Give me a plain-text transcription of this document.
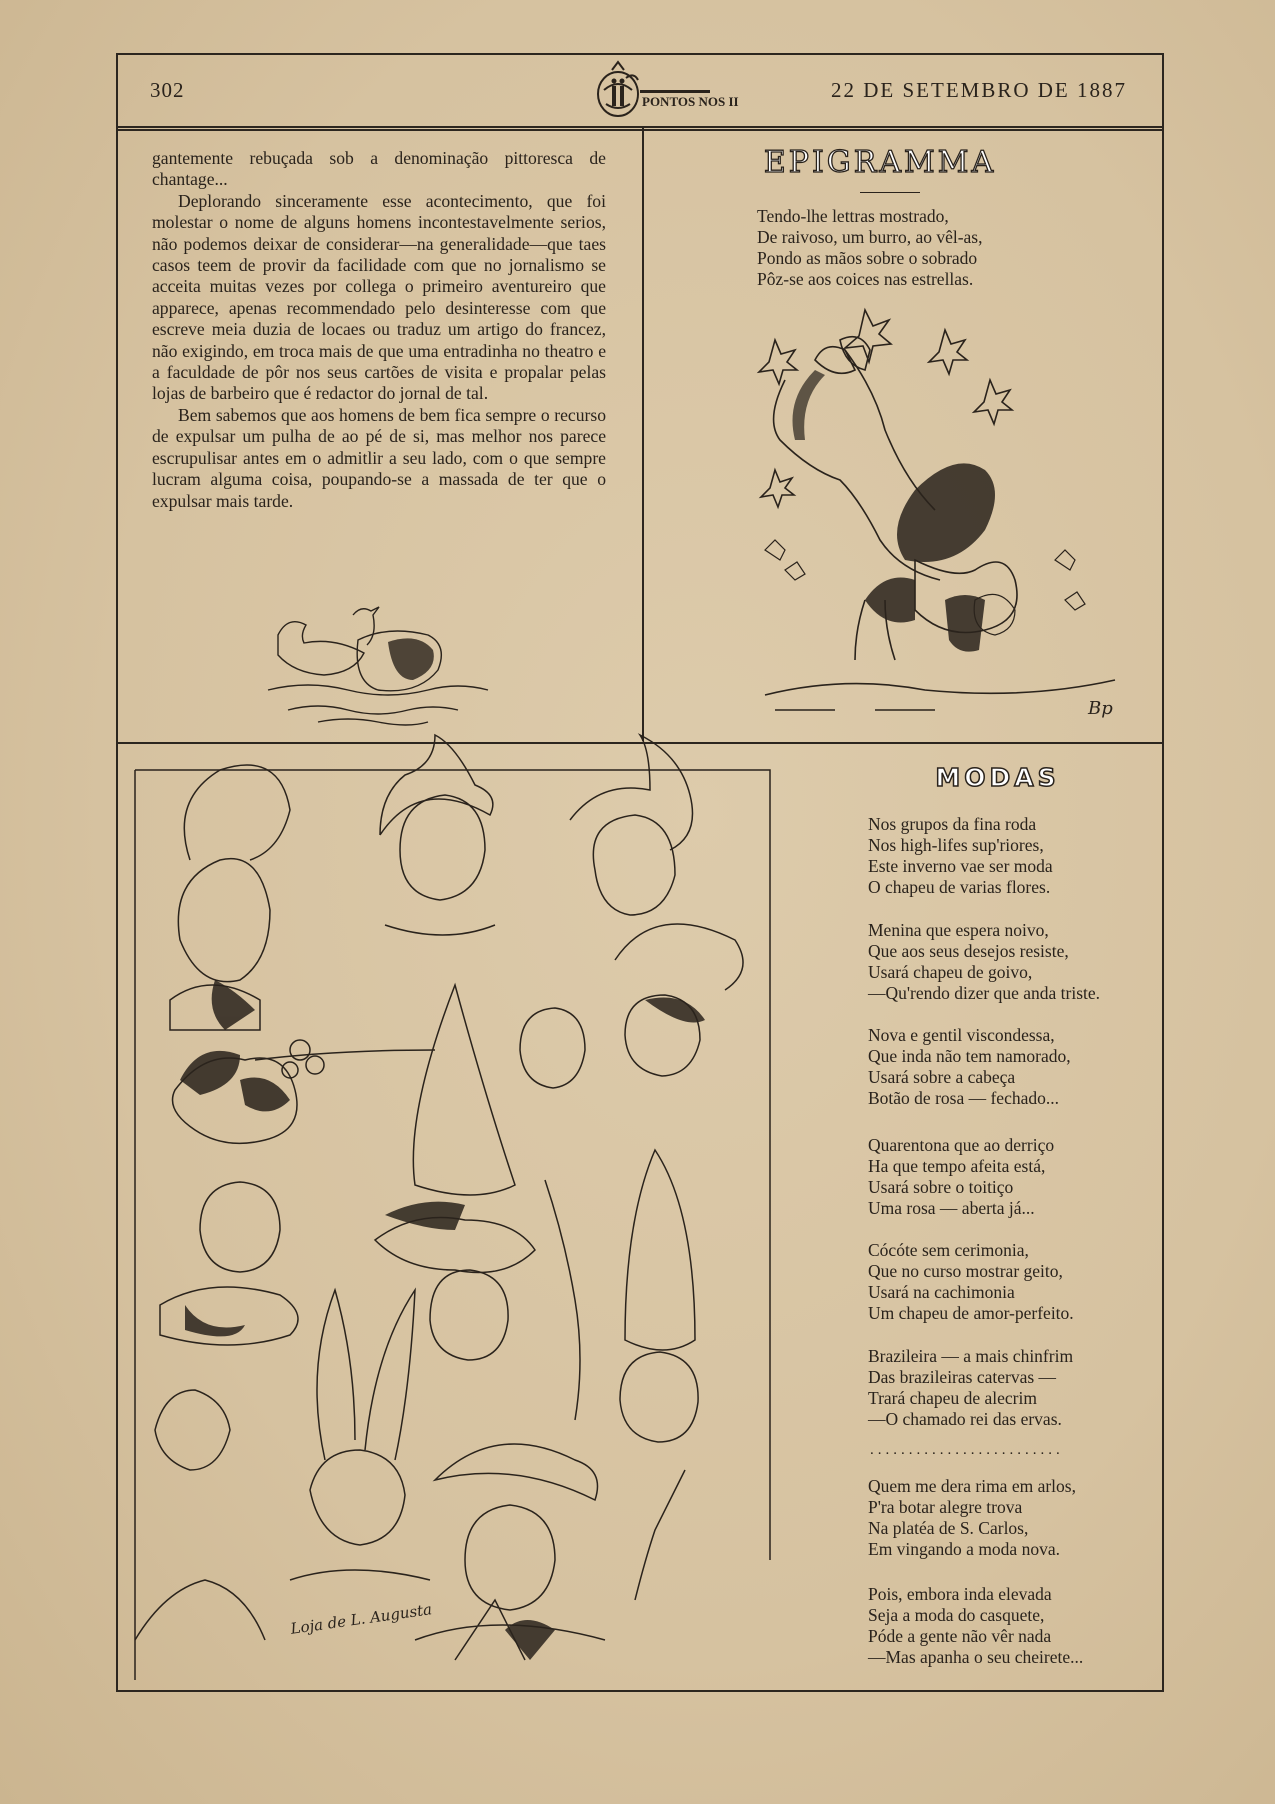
302	PONTOS NOS II	22 DE SETEMBRO DE 1887

gantemente rebuçada sob a denominação pittoresca de chantage...

Deplorando sinceramente esse acontecimento, que foi molestar o nome de alguns homens incontestavelmente serios, não podemos deixar de considerar—na generalidade—que taes casos teem de provir da facilidade com que no jornalismo se acceita muitas vezes por collega o primeiro aventureiro que apparece, apenas recommendado pelo desinteresse com que escreve meia duzia de locaes ou traduz um artigo do francez, não exigindo, em troca mais de que uma entradinha no theatro e a faculdade de pôr nos seus cartões de visita e propalar pelas lojas de barbeiro que é redactor do jornal de tal.

Bem sabemos que aos homens de bem fica sempre o recurso de expulsar um pulha de ao pé de si, mas melhor nos parece escrupulisar antes em o admitlir a seu lado, com o que sempre lucram alguma coisa, poupando-se a massada de ter que o expulsar mais tarde.

EPIGRAMMA
Tendo-lhe lettras mostrado,
De raivoso, um burro, ao vêl-as,
Pondo as mãos sobre o sobrado
Pôz-se aos coices nas estrellas.
Bp
Loja de L. Augusta
MODAS
Nos grupos da fina roda
Nos high-lifes sup'riores,
Este inverno vae ser moda
O chapeu de varias flores.
Menina que espera noivo,
Que aos seus desejos resiste,
Usará chapeu de goivo,
—Qu'rendo dizer que anda triste.
Nova e gentil viscondessa,
Que inda não tem namorado,
Usará sobre a cabeça
Botão de rosa — fechado...
Quarentona que ao derriço
Ha que tempo afeita está,
Usará sobre o toitiço
Uma rosa — aberta já...
Cócóte sem cerimonia,
Que no curso mostrar geito,
Usará na cachimonia
Um chapeu de amor-perfeito.
Brazileira — a mais chinfrim
Das brazileiras catervas —
Trará chapeu de alecrim
—O chamado rei das ervas.
.........................
Quem me dera rima em arlos,
P'ra botar alegre trova
Na platéa de S. Carlos,
Em vingando a moda nova.
Pois, embora inda elevada
Seja a moda do casquete,
Póde a gente não vêr nada
—Mas apanha o seu cheirete...
